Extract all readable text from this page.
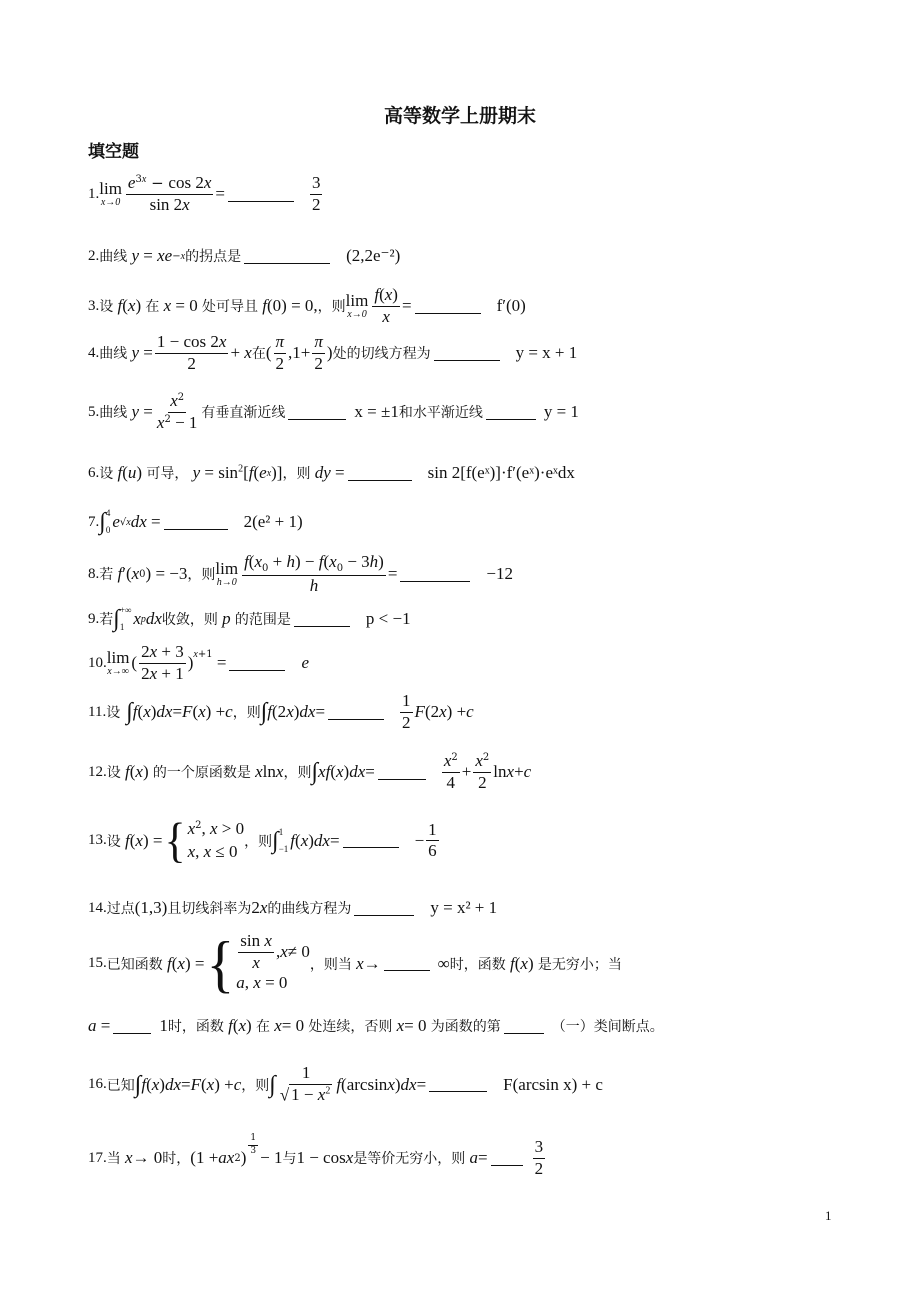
高等数学上册期末
填空题
1. lim
$x\to 0 \frac{e^{3x} - \cos 2x}{\sin 2x}$ =	$\frac{3}{2}$
2. 曲线 y = xe −x 的拐点是	(2,2e⁻²)
3. 设 f ( x ) 在 x = 0 处可导且 f (0) = 0, ，则 lim
$x\to 0 \frac{f(x)}{x}$ =	f′(0)
4. 曲线 $y = \frac{1 - \cos 2x}{2} + x$ 在 ( $\frac{\pi}{2} ,1+ \frac{\pi}{2}$ ) 处的切线方程为	y = x + 1
5. 曲线 $y = \frac{x^2}{x^2 - 1}$ 有垂直渐近线	x = ±1 和水平渐近线	y = 1
6. 设 f ( u ) 可导， $y = \sin^2$[ f ( e x )] ，则 dy =	sin 2[f(eˣ)]·f′(eˣ)·eˣdx
7. ∫ 4
0 e √x dx =	2(e² + 1)
8. 若 f ′( x 0 ) = −3 ，则 lim
$h\to 0 \frac{f(x_0 + h) - f(x_0 - 3h)}{h}$ =	−12
9. 若 ∫ +∞
1 x p dx 收敛，则 p 的范围是	p < −1
10. lim
x→∞ ( $\frac{2x + 3}{2x + 1}$ ) $^{x+1}$ =	e
11. 设 ∫ f ( x ) dx = F ( x ) + c ，则 ∫ f (2 x ) dx =	$\frac{1}{2}$ F (2 x ) + c
12. 设 f ( x ) 的一个原函数是 x ln x ，则 ∫ xf ( x ) dx =	$\frac{x^2}{4} + \frac{x^2}{2}$ ln x + c
13. 设 f ( x ) = { $x^2$, x > 0
x, x ≤ 0 ，则 ∫ 1
−1 f ( x ) dx =	− $\frac{1}{6}$
14. 过点 (1,3) 且切线斜率为 2 x 的曲线方程为	y = x² + 1
15. 已知函数 f ( x ) = { $\frac{\text{sin x}}{x}$ , x ≠ 0
a, x = 0
，则当 x →	∞ 时，函数 f ( x ) 是无穷小；当
a =	1 时，函数 f ( x ) 在 x = 0 处连续，否则 x = 0 为函数的第	（一）类间断点。
16. 已知 ∫ f ( x ) dx = F ( x ) + c ，则 ∫ $\frac{1}{√ 1 - x^2}$ f (arcsin x ) dx =	F(arcsin x) + c
17. 当 x → 0 时， (1 + ax 2 )
$\frac{1}{3}$
− 1 与 1 − cos x 是等价无穷小，则 a =	$\frac{3}{2}$
1
